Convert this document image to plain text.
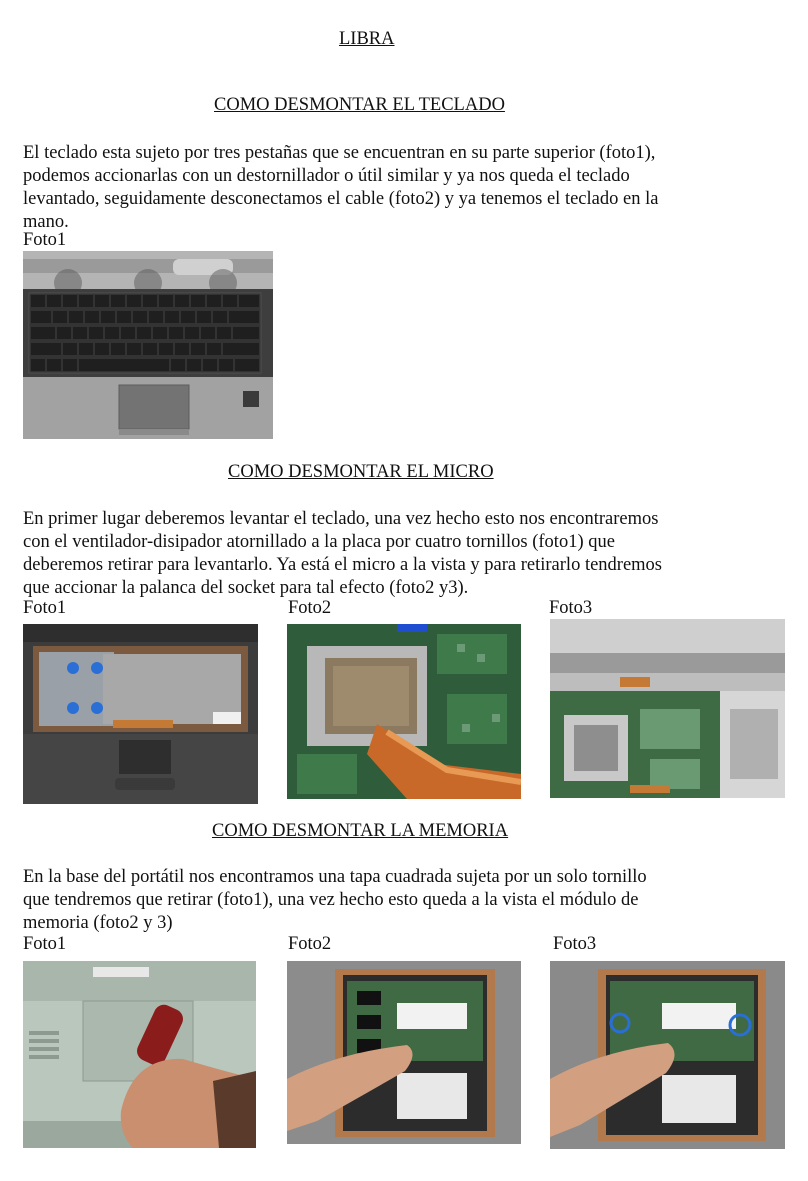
LIBRA
COMO DESMONTAR EL TECLADO
El teclado esta sujeto por tres pestañas que se encuentran en su parte superior (foto1),
podemos accionarlas con un destornillador o útil similar y ya nos queda el teclado
levantado, seguidamente desconectamos el cable (foto2) y ya tenemos el teclado en la
mano.
Foto1
COMO DESMONTAR EL MICRO
En primer lugar deberemos levantar el teclado, una vez hecho esto nos encontraremos
con el ventilador-disipador atornillado a la placa por cuatro tornillos (foto1) que
deberemos retirar para levantarlo. Ya está el micro a la vista y para retirarlo tendremos
que accionar la palanca del socket para tal efecto (foto2 y3).
Foto1	Foto2	Foto3
COMO DESMONTAR LA MEMORIA
En la base del portátil nos encontramos una tapa cuadrada sujeta por un solo tornillo
que tendremos que retirar (foto1), una vez hecho esto queda a la vista el módulo de
memoria (foto2 y 3)
Foto1	Foto2	Foto3
